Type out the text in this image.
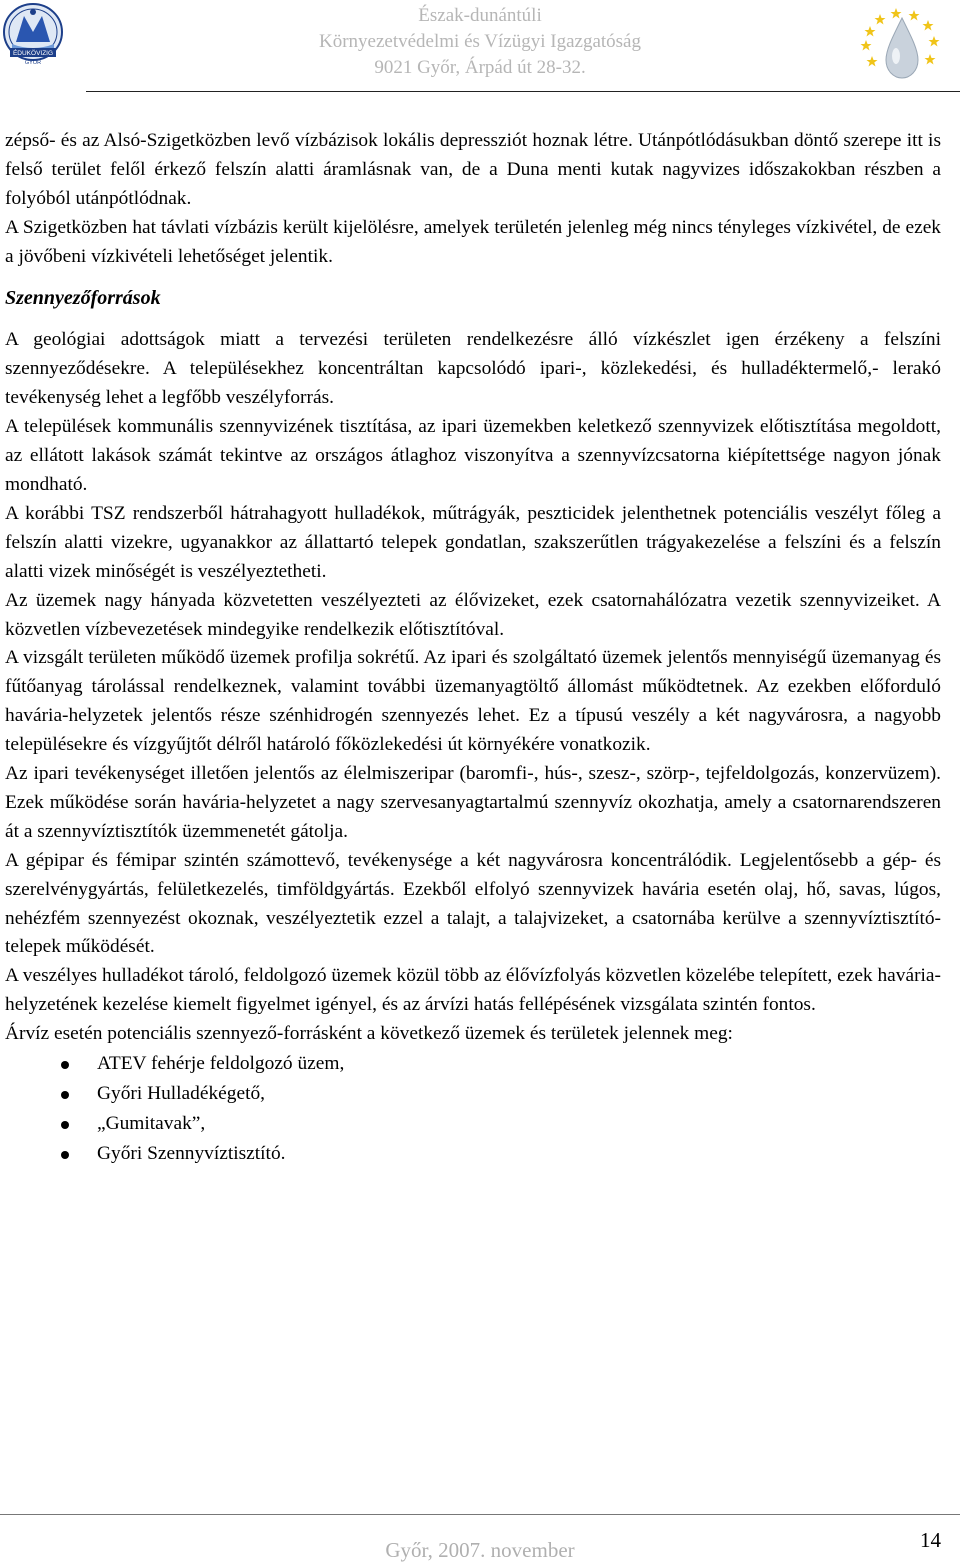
ÉDUKÖVIZIG
GYŐR
Észak-dunántúli
Környezetvédelmi és Vízügyi Igazgatóság
9021 Győr, Árpád út 28-32.

zépső- és az Alsó-Szigetközben levő vízbázisok lokális depressziót hoznak létre. Utánpótlódásukban döntő szerepe itt is felső terület felől érkező felszín alatti áramlásnak van, de a Duna menti kutak nagyvizes időszakokban részben a folyóból utánpótlódnak.

A Szigetközben hat távlati vízbázis került kijelölésre, amelyek területén jelenleg még nincs tényleges vízkivétel, de ezek a jövőbeni vízkivételi lehetőséget jelentik.

Szennyezőforrások

A geológiai adottságok miatt a tervezési területen rendelkezésre álló vízkészlet igen érzékeny a felszíni szennyeződésekre. A településekhez koncentráltan kapcsolódó ipari-, közlekedési, és hulladéktermelő,- lerakó tevékenység lehet a legfőbb veszélyforrás.

A települések kommunális szennyvizének tisztítása, az ipari üzemekben keletkező szennyvizek előtisztítása megoldott, az ellátott lakások számát tekintve az országos átlaghoz viszonyítva a szennyvízcsatorna kiépítettsége nagyon jónak mondható.

A korábbi TSZ rendszerből hátrahagyott hulladékok, műtrágyák, peszticidek jelenthetnek potenciális veszélyt főleg a felszín alatti vizekre, ugyanakkor az állattartó telepek gondatlan, szakszerűtlen trágyakezelése a felszíni és a felszín alatti vizek minőségét is veszélyeztetheti.

Az üzemek nagy hányada közvetetten veszélyezteti az élővizeket, ezek csatornahálózatra vezetik szennyvizeiket. A közvetlen vízbevezetések mindegyike rendelkezik előtisztítóval.

A vizsgált területen működő üzemek profilja sokrétű. Az ipari és szolgáltató üzemek jelentős mennyiségű üzemanyag és fűtőanyag tárolással rendelkeznek, valamint további üzemanyagtöltő állomást működtetnek. Az ezekben előforduló havária-helyzetek jelentős része szénhidrogén szennyezés lehet. Ez a típusú veszély a két nagyvárosra, a nagyobb településekre és vízgyűjtőt délről határoló főközlekedési út környékére vonatkozik.

Az ipari tevékenységet illetően jelentős az élelmiszeripar (baromfi-, hús-, szesz-, szörp-, tejfeldolgozás, konzervüzem). Ezek működése során havária-helyzetet a nagy szervesanyagtartalmú szennyvíz okozhatja, amely a csatornarendszeren át a szennyvíztisztítók üzemmenetét gátolja.

A gépipar és fémipar szintén számottevő, tevékenysége a két nagyvárosra koncentrálódik. Legjelentősebb a gép- és szerelvénygyártás, felületkezelés, timföldgyártás. Ezekből elfolyó szennyvizek havária esetén olaj, hő, savas, lúgos, nehézfém szennyezést okoznak, veszélyeztetik ezzel a talajt, a talajvizeket, a csatornába kerülve a szennyvíztisztító-telepek működését.

A veszélyes hulladékot tároló, feldolgozó üzemek közül több az élővízfolyás közvetlen közelébe telepített, ezek havária-helyzetének kezelése kiemelt figyelmet igényel, és az árvízi hatás fellépésének vizsgálata szintén fontos.

Árvíz esetén potenciális szennyező-forrásként a következő üzemek és területek jelennek meg:

ATEV fehérje feldolgozó üzem,
Győri Hulladékégető,
„Gumitavak”,
Győri Szennyvíztisztító.
Győr, 2007. november	14
